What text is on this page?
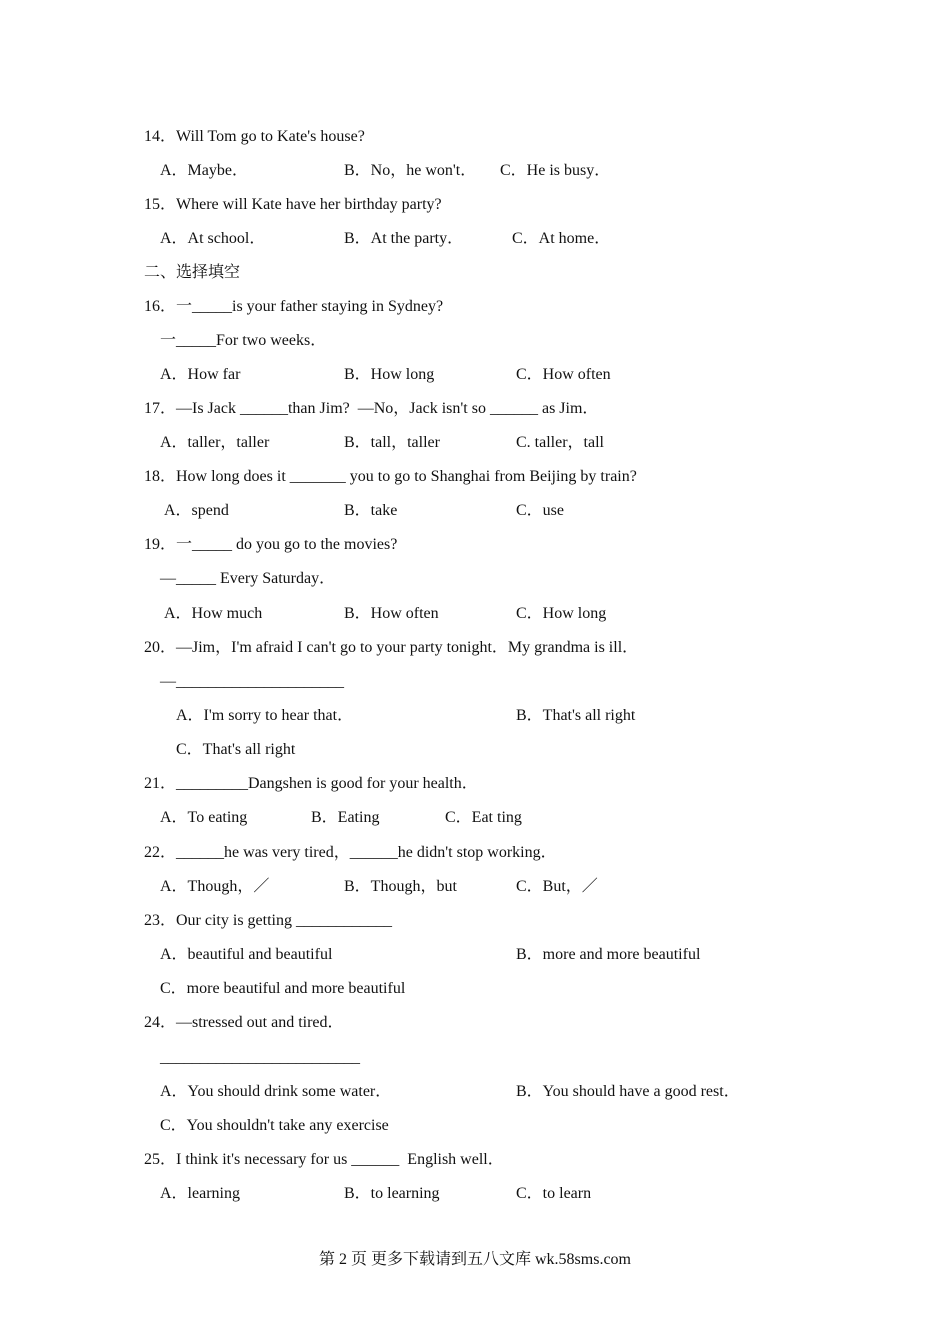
14．Will Tom go to Kate's house?
A．Maybe．	B．No，he won't． C．He is busy．
15．Where will Kate have her birthday party?
A．At school．	B．At the party．	C．At home．
二、选择填空
16．一_____is your father staying in Sydney?
一_____For two weeks．
A．How far	B．How long	C．How often
17．—Is Jack ______than Jim?  —No，Jack isn't so ______ as Jim．
A．taller，taller	B．tall，taller	C. taller，tall
18．How long does it _______ you to go to Shanghai from Beijing by train?
A．spend	B．take	C．use
19．一_____ do you go to the movies?
—_____ Every Saturday．
A．How much	B．How often	C．How long
20．—Jim，I'm afraid I can't go to your party tonight．My grandma is ill．
—_____________________
A．I'm sorry to hear that．	B．That's all right
C．That's all right
21．_________Dangshen is good for your health．
A．To eating	B．Eating	C．Eat ting
22．______he was very tired，______he didn't stop working．
A．Though，／	B．Though，but	C．But，／
23．Our city is getting ____________
A．beautiful and beautiful	B．more and more beautiful
C．more beautiful and more beautiful
24．—stressed out and tired．
_________________________
A．You should drink some water．	B．You should have a good rest．
C．You shouldn't take any exercise
25．I think it's necessary for us ______  English well．
A．learning	B．to learning	C．to learn
第 2 页 更多下载请到五八文库 wk.58sms.com
